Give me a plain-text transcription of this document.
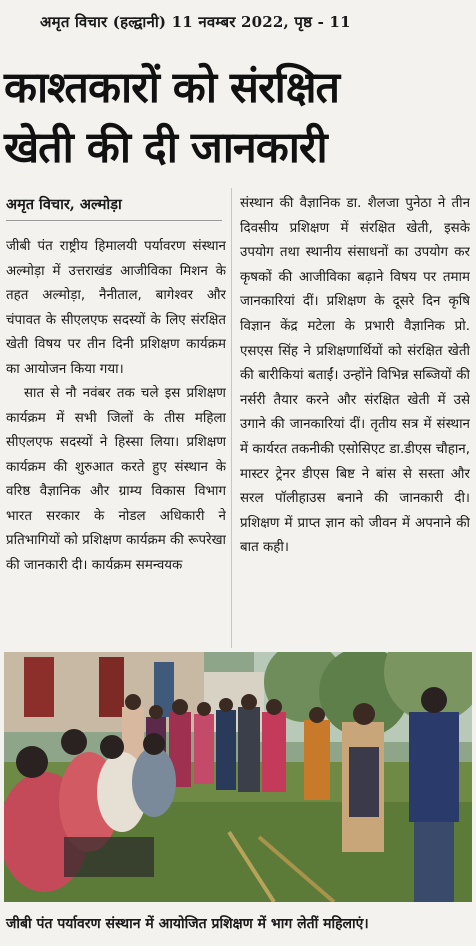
अमृत विचार (हल्द्वानी) 11 नवम्बर 2022, पृष्ठ - 11
काश्तकारों को संरक्षित
खेती की दी जानकारी
अमृत विचार, अल्मोड़ा

जीबी पंत राष्ट्रीय हिमालयी पर्यावरण संस्थान अल्मोड़ा में उत्तराखंड आजीविका मिशन के तहत अल्मोड़ा, नैनीताल, बागेश्वर और चंपावत के सीएलएफ सदस्यों के लिए संरक्षित खेती विषय पर तीन दिनी प्रशिक्षण कार्यक्रम का आयोजन किया गया।

सात से नौ नवंबर तक चले इस प्रशिक्षण कार्यक्रम में सभी जिलों के तीस महिला सीएलएफ सदस्यों ने हिस्सा लिया। प्रशिक्षण कार्यक्रम की शुरुआत करते हुए संस्थान के वरिष्ठ वैज्ञानिक और ग्राम्य विकास विभाग भारत सरकार के नोडल अधिकारी ने प्रतिभागियों को प्रशिक्षण कार्यक्रम की रूपरेखा की जानकारी दी। कार्यक्रम समन्वयक

संस्थान की वैज्ञानिक डा. शैलजा पुनेठा ने तीन दिवसीय प्रशिक्षण में संरक्षित खेती, इसके उपयोग तथा स्थानीय संसाधनों का उपयोग कर कृषकों की आजीविका बढ़ाने विषय पर तमाम जानकारियां दीं। प्रशिक्षण के दूसरे दिन कृषि विज्ञान केंद्र मटेला के प्रभारी वैज्ञानिक प्रो. एसएस सिंह ने प्रशिक्षणार्थियों को संरक्षित खेती की बारीकियां बताईं। उन्होंने विभिन्न सब्जियों की नर्सरी तैयार करने और संरक्षित खेती में उसे उगाने की जानकारियां दीं। तृतीय सत्र में संस्थान में कार्यरत तकनीकी एसोसिएट डा.डीएस चौहान, मास्टर ट्रेनर डीएस बिष्ट ने बांस से सस्ता और सरल पॉलीहाउस बनाने की जानकारी दी। प्रशिक्षण में प्राप्त ज्ञान को जीवन में अपनाने की बात कही।

जीबी पंत पर्यावरण संस्थान में आयोजित प्रशिक्षण में भाग लेतीं महिलाएं।
